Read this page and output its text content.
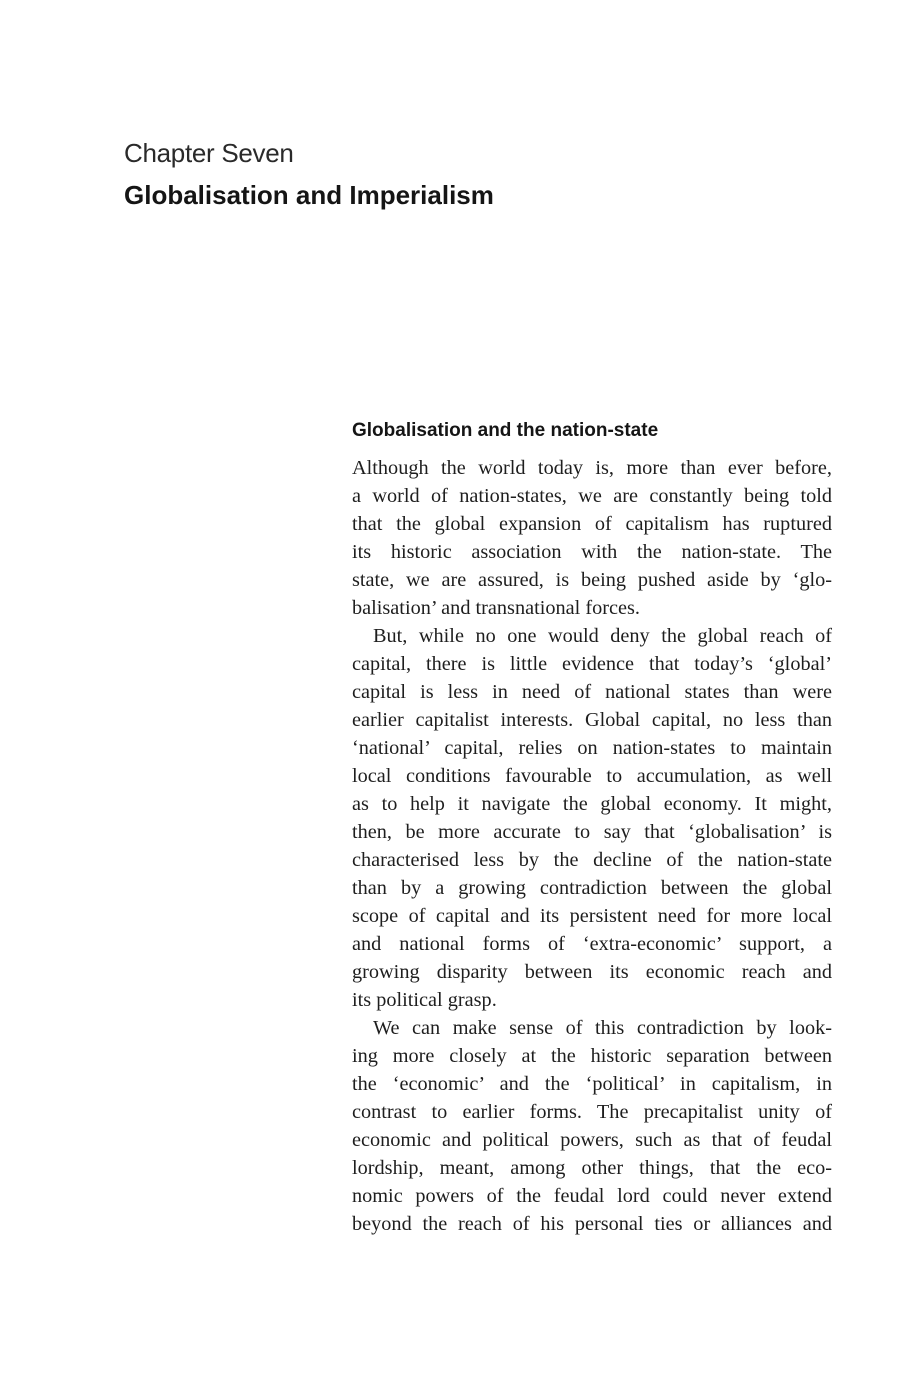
Chapter Seven
Globalisation and Imperialism
Globalisation and the nation-state
Although the world today is, more than ever before,
a world of nation-states, we are constantly being told
that the global expansion of capitalism has ruptured
its historic association with the nation-state. The
state, we are assured, is being pushed aside by ‘glo-
balisation’ and transnational forces.
But, while no one would deny the global reach of
capital, there is little evidence that today’s ‘global’
capital is less in need of national states than were
earlier capitalist interests. Global capital, no less than
‘national’ capital, relies on nation-states to maintain
local conditions favourable to accumulation, as well
as to help it navigate the global economy. It might,
then, be more accurate to say that ‘globalisation’ is
characterised less by the decline of the nation-state
than by a growing contradiction between the global
scope of capital and its persistent need for more local
and national forms of ‘extra-economic’ support, a
growing disparity between its economic reach and
its political grasp.
We can make sense of this contradiction by look-
ing more closely at the historic separation between
the ‘economic’ and the ‘political’ in capitalism, in
contrast to earlier forms. The precapitalist unity of
economic and political powers, such as that of feudal
lordship, meant, among other things, that the eco-
nomic powers of the feudal lord could never extend
beyond the reach of his personal ties or alliances and
